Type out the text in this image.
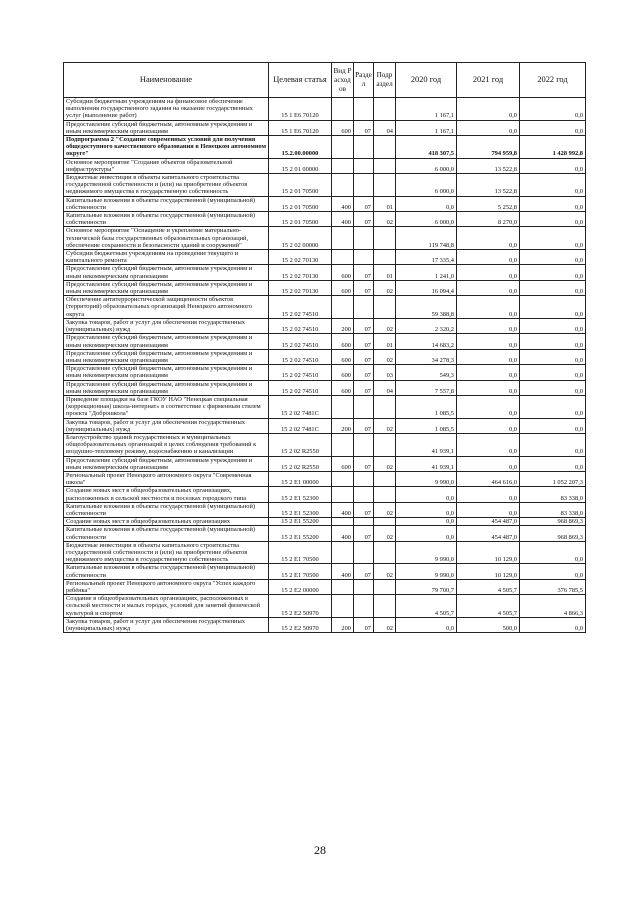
Наименование	Целевая статья	Вид Расходов	Раздел	Подраздел	2020 год	2021 год	2022 год
Субсидии бюджетным учреждениям на финансовое обеспечение выполнения государственного задания на оказание государственных услуг (выполнение работ)	15 1 Е6 70120				1 167,1	0,0	0,0
Предоставление субсидий бюджетным, автономным учреждениям и иным некоммерческим организациям	15 1 Е6 70120	600	07	04	1 167,1	0,0	0,0
Подпрограмма 2 "Создание современных условий для получения общедоступного качественного образования в Ненецком автономном округе"	15.2.00.00000				418 307,5	794 959,8	1 428 992,8
Основное мероприятие "Создание объектов образовательной инфраструктуры"	15 2 01 00000				6 000,0	13 522,8	0,0
Бюджетные инвестиции в объекты капитального строительства государственной собственности и (или) на приобретение объектов недвижимого имущества в государственную собственность	15 2 01 70500				6 000,0	13 522,8	0,0
Капитальные вложения в объекты государственной (муниципальной) собственности	15 2 01 70500	400	07	01	0,0	5 252,8	0,0
Капитальные вложения в объекты государственной (муниципальной) собственности	15 2 01 70500	400	07	02	6 000,0	8 270,0	0,0
Основное мероприятие "Оснащение и укрепление материально-технической базы государственных образовательных организаций, обеспечение сохранности и безопасности зданий и сооружений"	15 2 02 00000				119 748,8	0,0	0,0
Субсидии бюджетным учреждениям на проведение текущего и капитального ремонта	15 2 02 70130				17 335,4	0,0	0,0
Предоставление субсидий бюджетным, автономным учреждениям и иным некоммерческим организациям	15 2 02 70130	600	07	01	1 241,0	0,0	0,0
Предоставление субсидий бюджетным, автономным учреждениям и иным некоммерческим организациям	15 2 02 70130	600	07	02	16 094,4	0,0	0,0
Обеспечение антитеррористической защищенности объектов (территорий) образовательных организаций Ненецкого автономного округа	15 2 02 74510				59 388,8	0,0	0,0
Закупка товаров, работ и услуг для обеспечения государственных (муниципальных) нужд	15 2 02 74510	200	07	02	2 320,2	0,0	0,0
Предоставление субсидий бюджетным, автономным учреждениям и иным некоммерческим организациям	15 2 02 74510	600	07	01	14 683,2	0,0	0,0
Предоставление субсидий бюджетным, автономным учреждениям и иным некоммерческим организациям	15 2 02 74510	600	07	02	34 278,3	0,0	0,0
Предоставление субсидий бюджетным, автономным учреждениям и иным некоммерческим организациям	15 2 02 74510	600	07	03	549,3	0,0	0,0
Предоставление субсидий бюджетным, автономным учреждениям и иным некоммерческим организациям	15 2 02 74510	600	07	04	7 557,8	0,0	0,0
Приведение площадки на базе ГКОУ НАО "Ненецкая специальная (коррекционная) школа-интернат» в соответствие с фирменным стилем проекта "Доброшкола"	15 2 02 7481С				1 085,5	0,0	0,0
Закупка товаров, работ и услуг для обеспечения государственных (муниципальных) нужд	15 2 02 7481С	200	07	02	1 085,5	0,0	0,0
Благоустройство зданий государственных и муниципальных общеобразовательных организаций в целях соблюдения требований к воздушно-тепловому режиму, водоснабжению и канализации	15 2 02 R2550				41 939,1	0,0	0,0
Предоставление субсидий бюджетным, автономным учреждениям и иным некоммерческим организациям	15 2 02 R2550	600	07	02	41 939,1	0,0	0,0
Региональный проект Ненецкого автономного округа "Современная школа"	15 2 Е1 00000				9 990,0	464 616,0	1 052 207,3
Создание новых мест в общеобразовательных организациях, расположенных в сельской местности и поселках городского типа	15 2 Е1 52300				0,0	0,0	83 338,0
Капитальные вложения в объекты государственной (муниципальной) собственности	15 2 Е1 52300	400	07	02	0,0	0,0	83 338,0
Создание новых мест в общеобразовательных организациях	15 2 Е1 55200				0,0	454 487,0	968 869,3
Капитальные вложения в объекты государственной (муниципальной) собственности	15 2 Е1 55200	400	07	02	0,0	454 487,0	968 869,3
Бюджетные инвестиции в объекты капитального строительства государственной собственности и (или) на приобретение объектов недвижимого имущества в государственную собственность	15 2 Е1 70500				9 990,0	10 129,0	0,0
Капитальные вложения в объекты государственной (муниципальной) собственности	15 2 Е1 70500	400	07	02	9 990,0	10 129,0	0,0
Региональный проект Ненецкого автономного округа "Успех каждого ребёнка"	15 2 Е2 00000				79 700,7	4 505,7	376 785,5
Создание в общеобразовательных организациях, расположенных в сельской местности и малых городах, условий для занятий физической культурой и спортом	15 2 Е2 50970				4 505,7	4 505,7	4 866,3
Закупка товаров, работ и услуг для обеспечения государственных (муниципальных) нужд	15 2 Е2 50970	200	07	02	0,0	500,0	0,0
28
